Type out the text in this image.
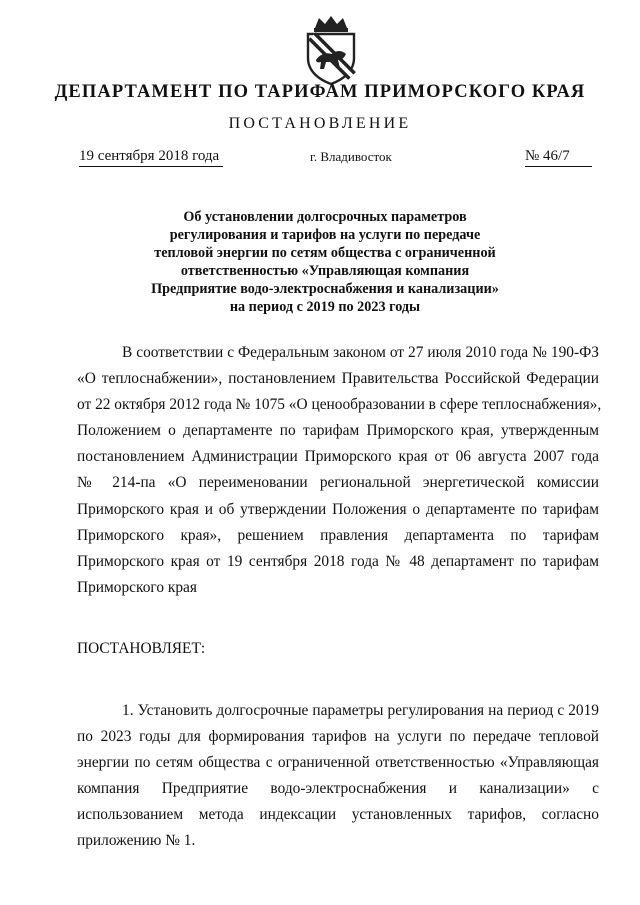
ДЕПАРТАМЕНТ ПО ТАРИФАМ ПРИМОРСКОГО КРАЯ
ПОСТАНОВЛЕНИЕ
19 сентября 2018 года	г. Владивосток	№ 46/7
Об установлении долгосрочных параметров
регулирования и тарифов на услуги по передаче
тепловой энергии по сетям общества с ограниченной
ответственностью «Управляющая компания
Предприятие водо-электроснабжения и канализации»
на период с 2019 по 2023 годы
В соответствии с Федеральным законом от 27 июля 2010 года № 190-ФЗ
«О теплоснабжении», постановлением Правительства Российской Федерации
от 22 октября 2012 года № 1075 «О ценообразовании в сфере теплоснабжения»,
Положением о департаменте по тарифам Приморского края, утвержденным
постановлением Администрации Приморского края от 06 августа 2007 года
№ 214-па «О переименовании региональной энергетической комиссии
Приморского края и об утверждении Положения о департаменте по тарифам
Приморского края», решением правления департамента по тарифам
Приморского края от 19 сентября 2018 года № 48 департамент по тарифам
Приморского края
ПОСТАНОВЛЯЕТ:
1. Установить долгосрочные параметры регулирования на период с 2019
по 2023 годы для формирования тарифов на услуги по передаче тепловой
энергии по сетям общества с ограниченной ответственностью «Управляющая
компания Предприятие водо-электроснабжения и канализации» с
использованием метода индексации установленных тарифов, согласно
приложению № 1.
